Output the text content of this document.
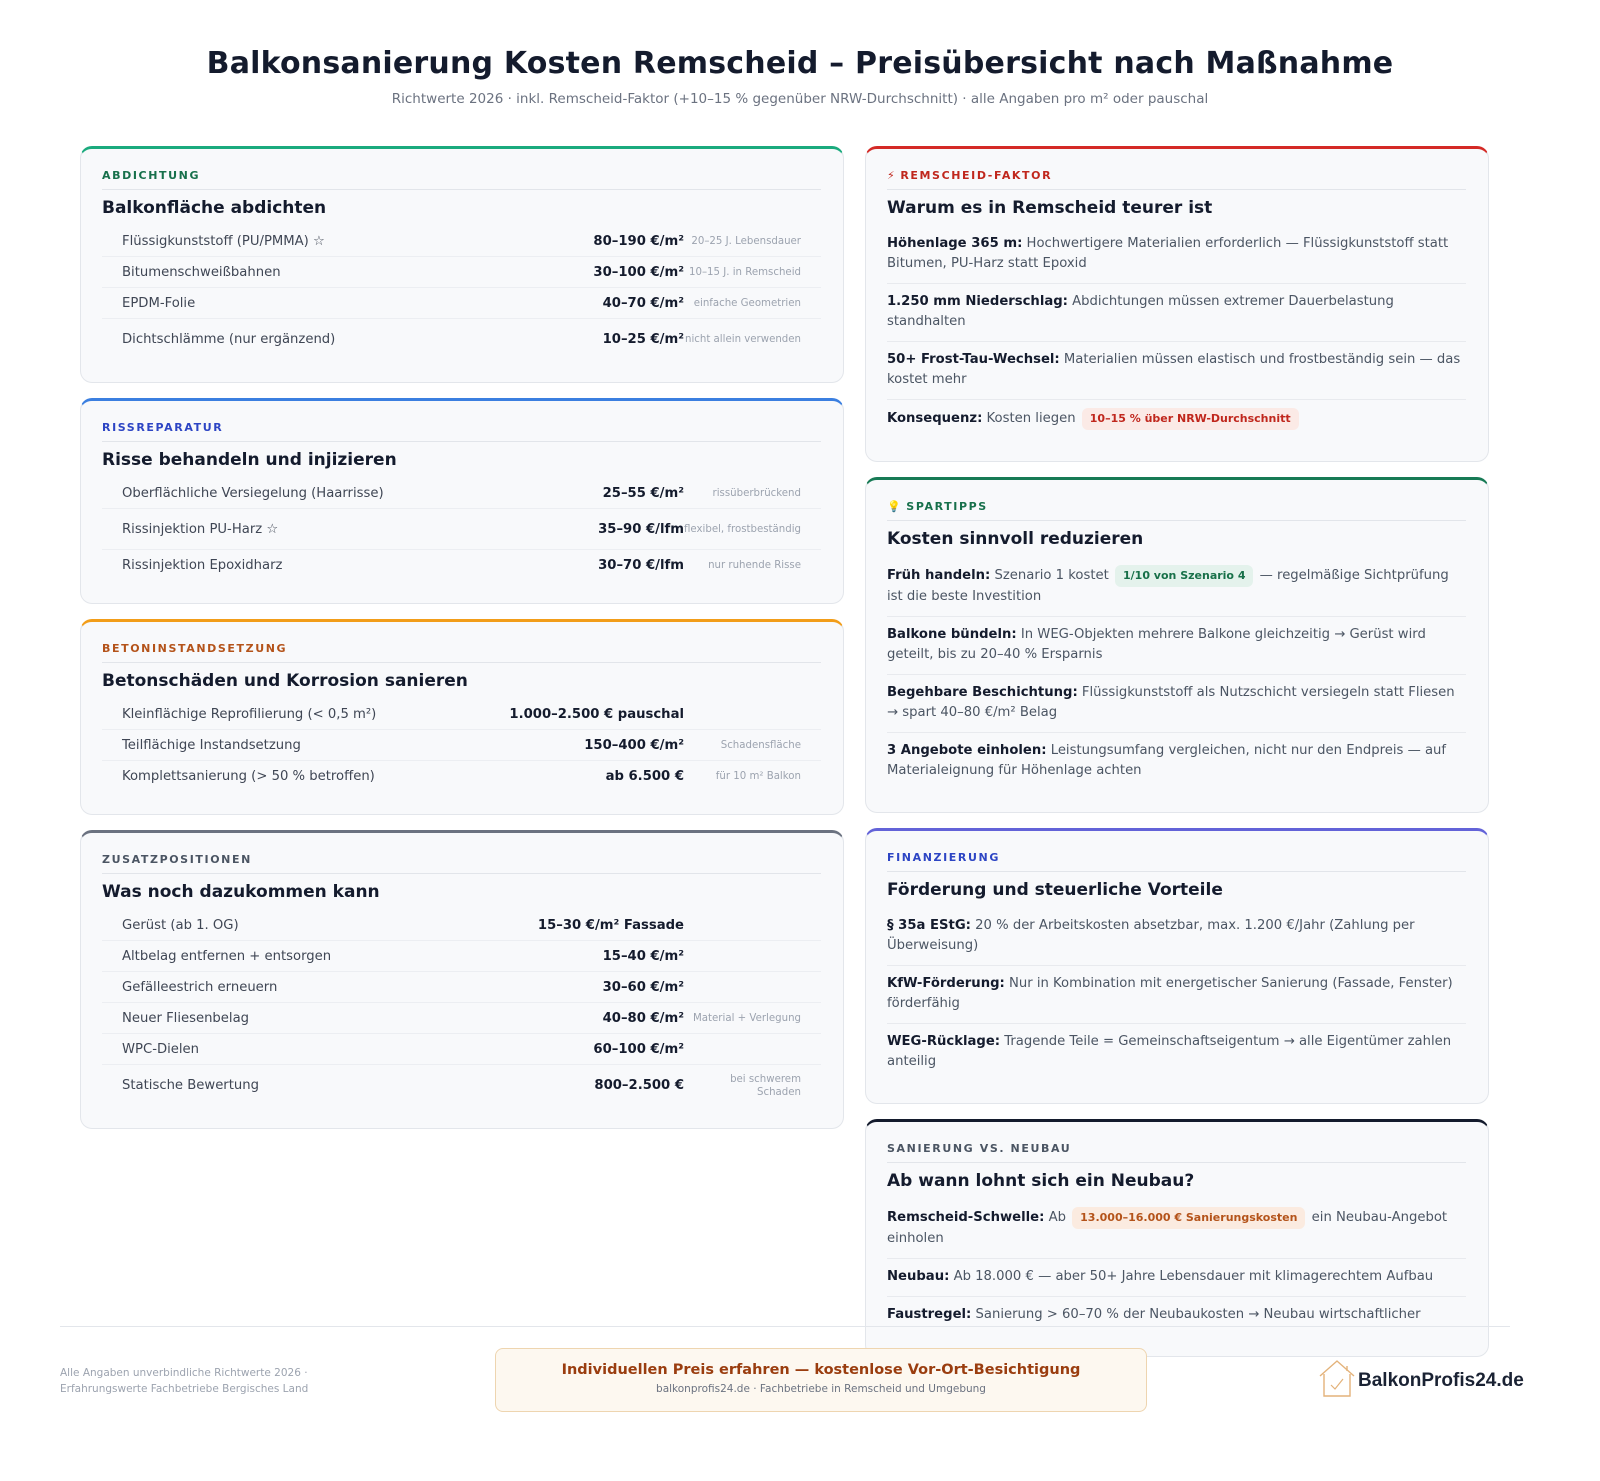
Balkonsanierung Kosten Remscheid – Preisübersicht nach Maßnahme
Richtwerte 2026 · inkl. Remscheid-Faktor (+10–15 % gegenüber NRW-Durchschnitt) · alle Angaben pro m² oder pauschal
ABDICHTUNG
Balkonfläche abdichten
Flüssigkunststoff (PU/PMMA) ☆	80–190 €/m² 20–25 J. Lebensdauer
Bitumenschweißbahnen	30–100 €/m² 10–15 J. in Remscheid
EPDM-Folie	40–70 €/m² einfache Geometrien
Dichtschlämme (nur ergänzend)	10–25 €/m² nicht allein verwenden
RISSREPARATUR
Risse behandeln und injizieren
Oberflächliche Versiegelung (Haarrisse)	25–55 €/m²	rissüberbrückend
Rissinjektion PU-Harz ☆	35–90 €/lfm flexibel, frostbeständig
Rissinjektion Epoxidharz	30–70 €/lfm	nur ruhende Risse
BETONINSTANDSETZUNG
Betonschäden und Korrosion sanieren
Kleinflächige Reprofilierung (< 0,5 m²)	1.000–2.500 € pauschal
Teilflächige Instandsetzung	150–400 €/m²	Schadensfläche
Komplettsanierung (> 50 % betroffen)	ab 6.500 €	für 10 m² Balkon
ZUSATZPOSITIONEN
Was noch dazukommen kann
Gerüst (ab 1. OG)	15–30 €/m² Fassade
Altbelag entfernen + entsorgen	15–40 €/m²
Gefälleestrich erneuern	30–60 €/m²
Neuer Fliesenbelag	40–80 €/m² Material + Verlegung
WPC-Dielen	60–100 €/m²
Statische Bewertung	800–2.500 €	bei schwerem Schaden
⚡ REMSCHEID-FAKTOR
Warum es in Remscheid teurer ist
Höhenlage 365 m: Hochwertigere Materialien erforderlich — Flüssigkunststoff statt Bitumen, PU-Harz statt Epoxid
1.250 mm Niederschlag: Abdichtungen müssen extremer Dauerbelastung standhalten
50+ Frost-Tau-Wechsel: Materialien müssen elastisch und frostbeständig sein — das kostet mehr
Konsequenz: Kosten liegen 10–15 % über NRW-Durchschnitt
💡 SPARTIPPS
Kosten sinnvoll reduzieren
Früh handeln: Szenario 1 kostet 1/10 von Szenario 4 — regelmäßige Sichtprüfung ist die beste Investition
Balkone bündeln: In WEG-Objekten mehrere Balkone gleichzeitig → Gerüst wird geteilt, bis zu 20–40 % Ersparnis
Begehbare Beschichtung: Flüssigkunststoff als Nutzschicht versiegeln statt Fliesen → spart 40–80 €/m² Belag
3 Angebote einholen: Leistungsumfang vergleichen, nicht nur den Endpreis — auf Materialeignung für Höhenlage achten
FINANZIERUNG
Förderung und steuerliche Vorteile
§ 35a EStG: 20 % der Arbeitskosten absetzbar, max. 1.200 €/Jahr (Zahlung per Überweisung)
KfW-Förderung: Nur in Kombination mit energetischer Sanierung (Fassade, Fenster) förderfähig
WEG-Rücklage: Tragende Teile = Gemeinschaftseigentum → alle Eigentümer zahlen anteilig
SANIERUNG VS. NEUBAU
Ab wann lohnt sich ein Neubau?
Remscheid-Schwelle: Ab 13.000–16.000 € Sanierungskosten ein Neubau-Angebot einholen
Neubau: Ab 18.000 € — aber 50+ Jahre Lebensdauer mit klimagerechtem Aufbau
Faustregel: Sanierung > 60–70 % der Neubaukosten → Neubau wirtschaftlicher
Alle Angaben unverbindliche Richtwerte 2026 ·
Erfahrungswerte Fachbetriebe Bergisches Land
Individuellen Preis erfahren — kostenlose Vor-Ort-Besichtigung
balkonprofis24.de · Fachbetriebe in Remscheid und Umgebung	BalkonProfis24.de
